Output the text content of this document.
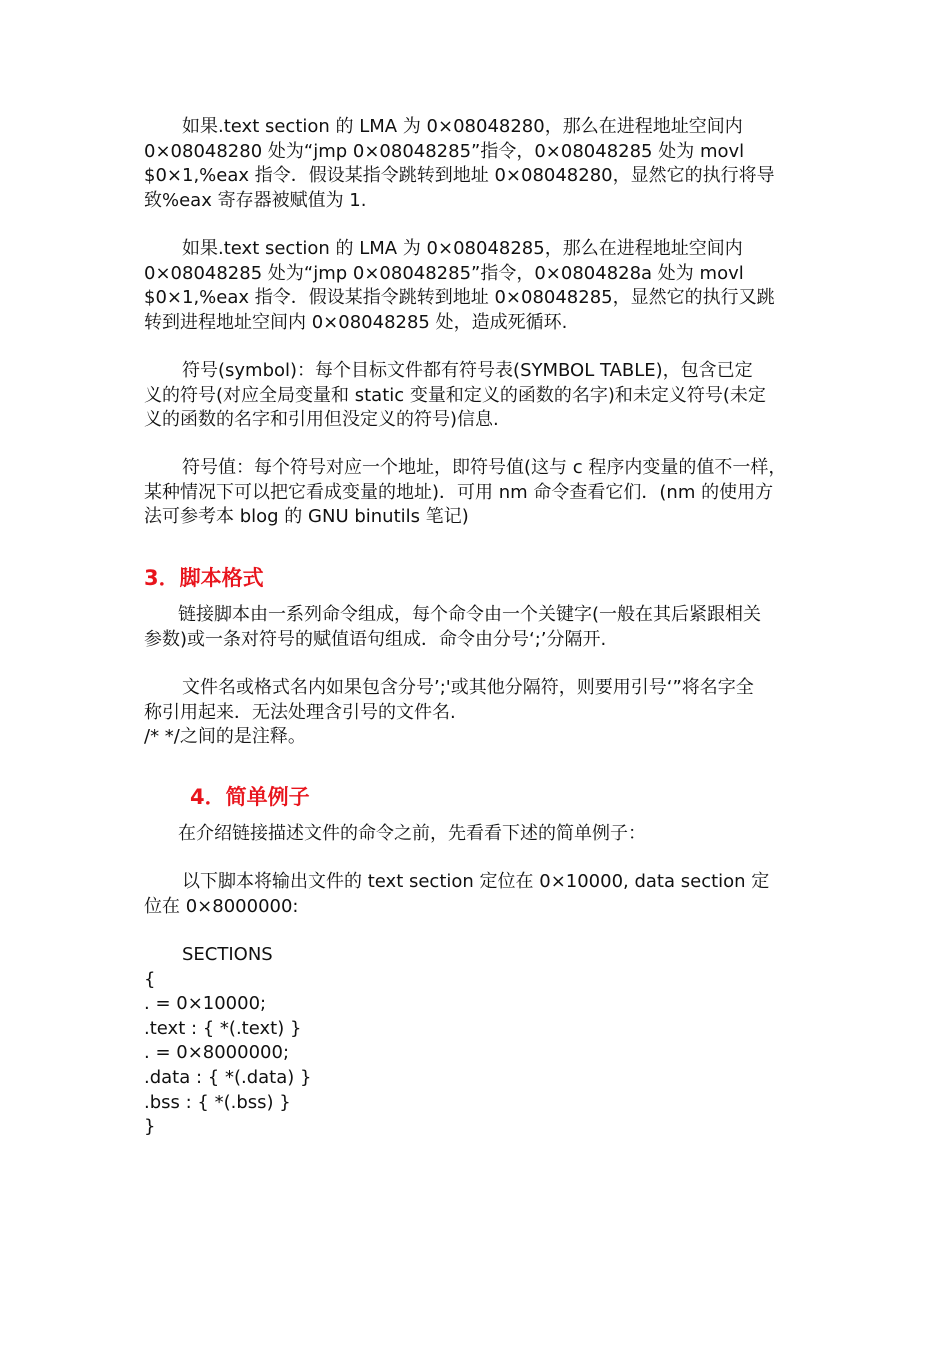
如果.text section 的 LMA 为 0×08048280，那么在进程地址空间内
0×08048280 处为“jmp 0×08048285”指令，0×08048285 处为 movl
$0×1,%eax 指令．假设某指令跳转到地址 0×08048280，显然它的执行将导
致%eax 寄存器被赋值为 1.

如果.text section 的 LMA 为 0×08048285，那么在进程地址空间内
0×08048285 处为“jmp 0×08048285”指令，0×0804828a 处为 movl
$0×1,%eax 指令．假设某指令跳转到地址 0×08048285，显然它的执行又跳
转到进程地址空间内 0×08048285 处，造成死循环.

符号(symbol)：每个目标文件都有符号表(SYMBOL TABLE)，包含已定
义的符号(对应全局变量和 static 变量和定义的函数的名字)和未定义符号(未定
义的函数的名字和引用但没定义的符号)信息.

符号值：每个符号对应一个地址，即符号值(这与 c 程序内变量的值不一样，
某种情况下可以把它看成变量的地址)．可用 nm 命令查看它们．(nm 的使用方
法可参考本 blog 的 GNU binutils 笔记)

3．脚本格式

链接脚本由一系列命令组成，每个命令由一个关键字(一般在其后紧跟相关
参数)或一条对符号的赋值语句组成．命令由分号‘;’分隔开.

文件名或格式名内如果包含分号’;'或其他分隔符，则要用引号‘”将名字全
称引用起来．无法处理含引号的文件名.
/* */之间的是注释。

4．简单例子

在介绍链接描述文件的命令之前，先看看下述的简单例子：

以下脚本将输出文件的 text section 定位在 0×10000, data section 定
位在 0×8000000:

SECTIONS
{
. = 0×10000;
.text : { *(.text) }
. = 0×8000000;
.data : { *(.data) }
.bss : { *(.bss) }
}
